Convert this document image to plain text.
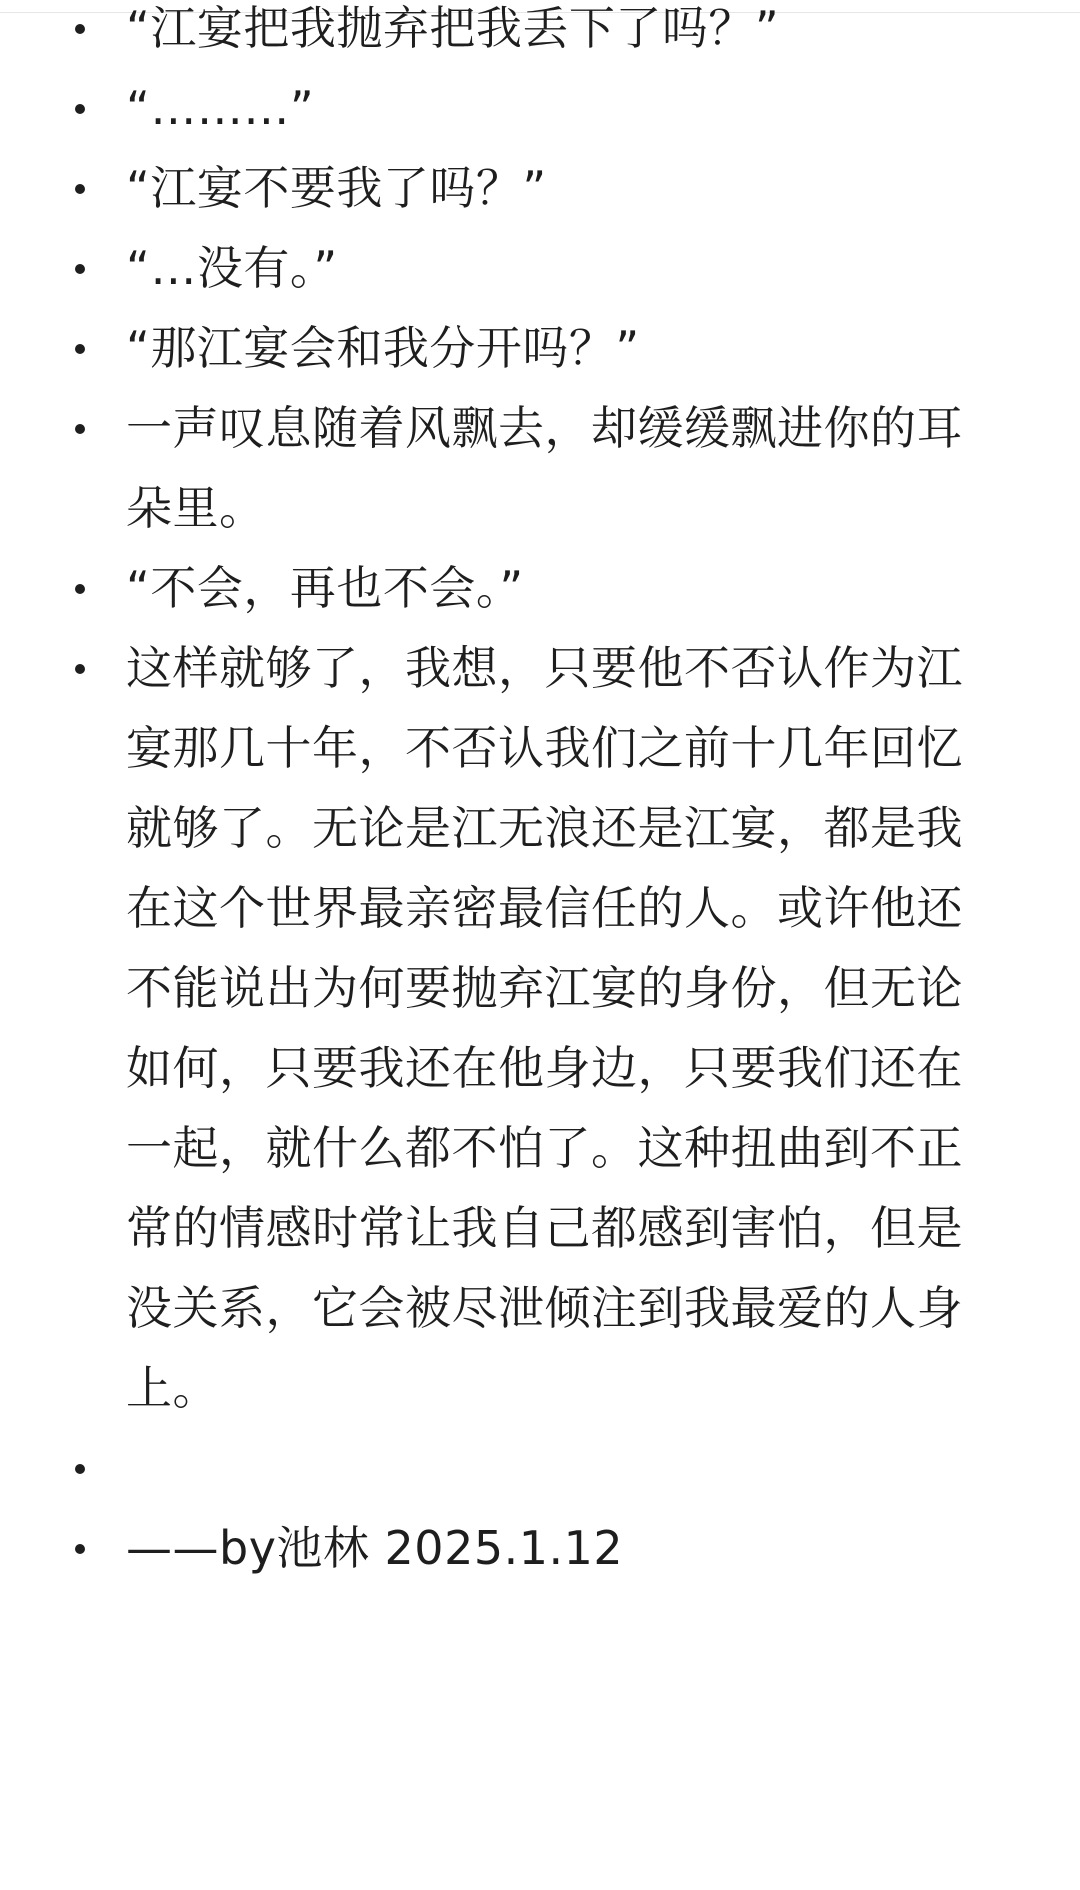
“江宴把我抛弃把我丢下了吗？”
“………”
“江宴不要我了吗？”
“…没有。”
“那江宴会和我分开吗？”
一声叹息随着风飘去，却缓缓飘进你的耳朵里。
“不会，再也不会。”
这样就够了，我想，只要他不否认作为江宴那几十年，不否认我们之前十几年回忆就够了。无论是江无浪还是江宴，都是我在这个世界最亲密最信任的人。或许他还不能说出为何要抛弃江宴的身份，但无论如何，只要我还在他身边，只要我们还在一起，就什么都不怕了。这种扭曲到不正常的情感时常让我自己都感到害怕，但是没关系，它会被尽泄倾注到我最爱的人身上。
——by池林 2025.1.12
